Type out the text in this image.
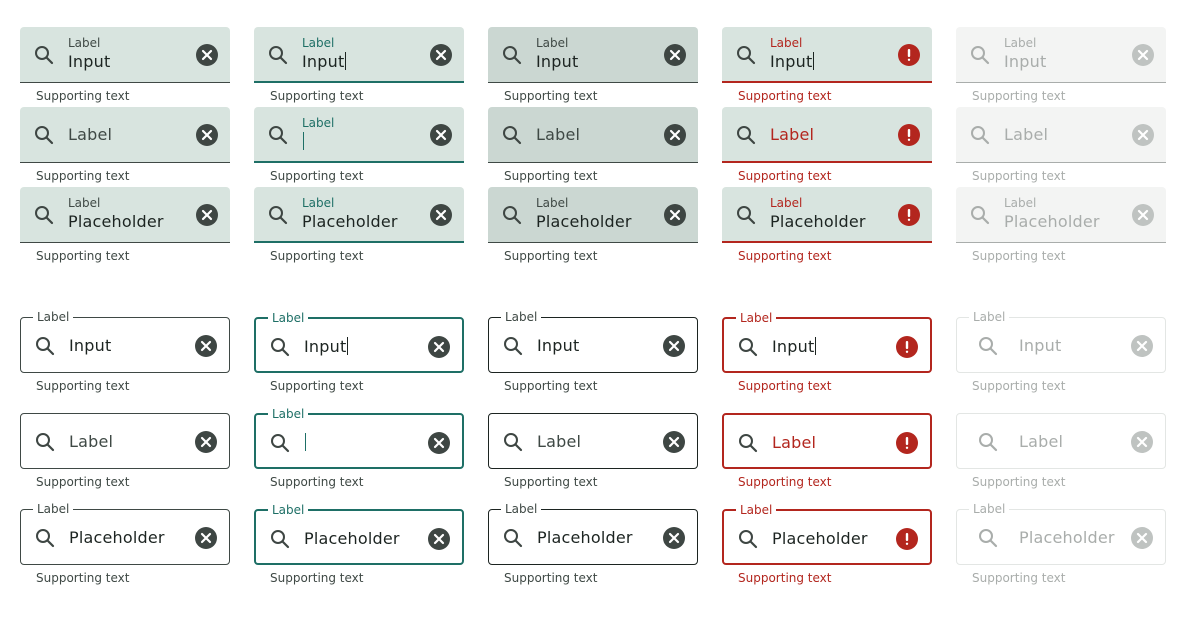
Label
Input
Supporting text
Label
Input
Supporting text
Label
Input
Supporting text
Label
Input
Supporting text
Label
Input
Supporting text
Label
Supporting text
Label
Supporting text
Label
Supporting text
Label
Supporting text
Label
Supporting text
Label
Placeholder
Supporting text
Label
Placeholder
Supporting text
Label
Placeholder
Supporting text
Label
Placeholder
Supporting text
Label
Placeholder
Supporting text
Label
Input
Supporting text
Label
Input
Supporting text
Label
Input
Supporting text
Label
Input
Supporting text
Label
Input
Supporting text
Label
Supporting text
Label
Supporting text
Label
Supporting text
Label
Supporting text
Label
Supporting text
Label
Placeholder
Supporting text
Label
Placeholder
Supporting text
Label
Placeholder
Supporting text
Label
Placeholder
Supporting text
Label
Placeholder
Supporting text
